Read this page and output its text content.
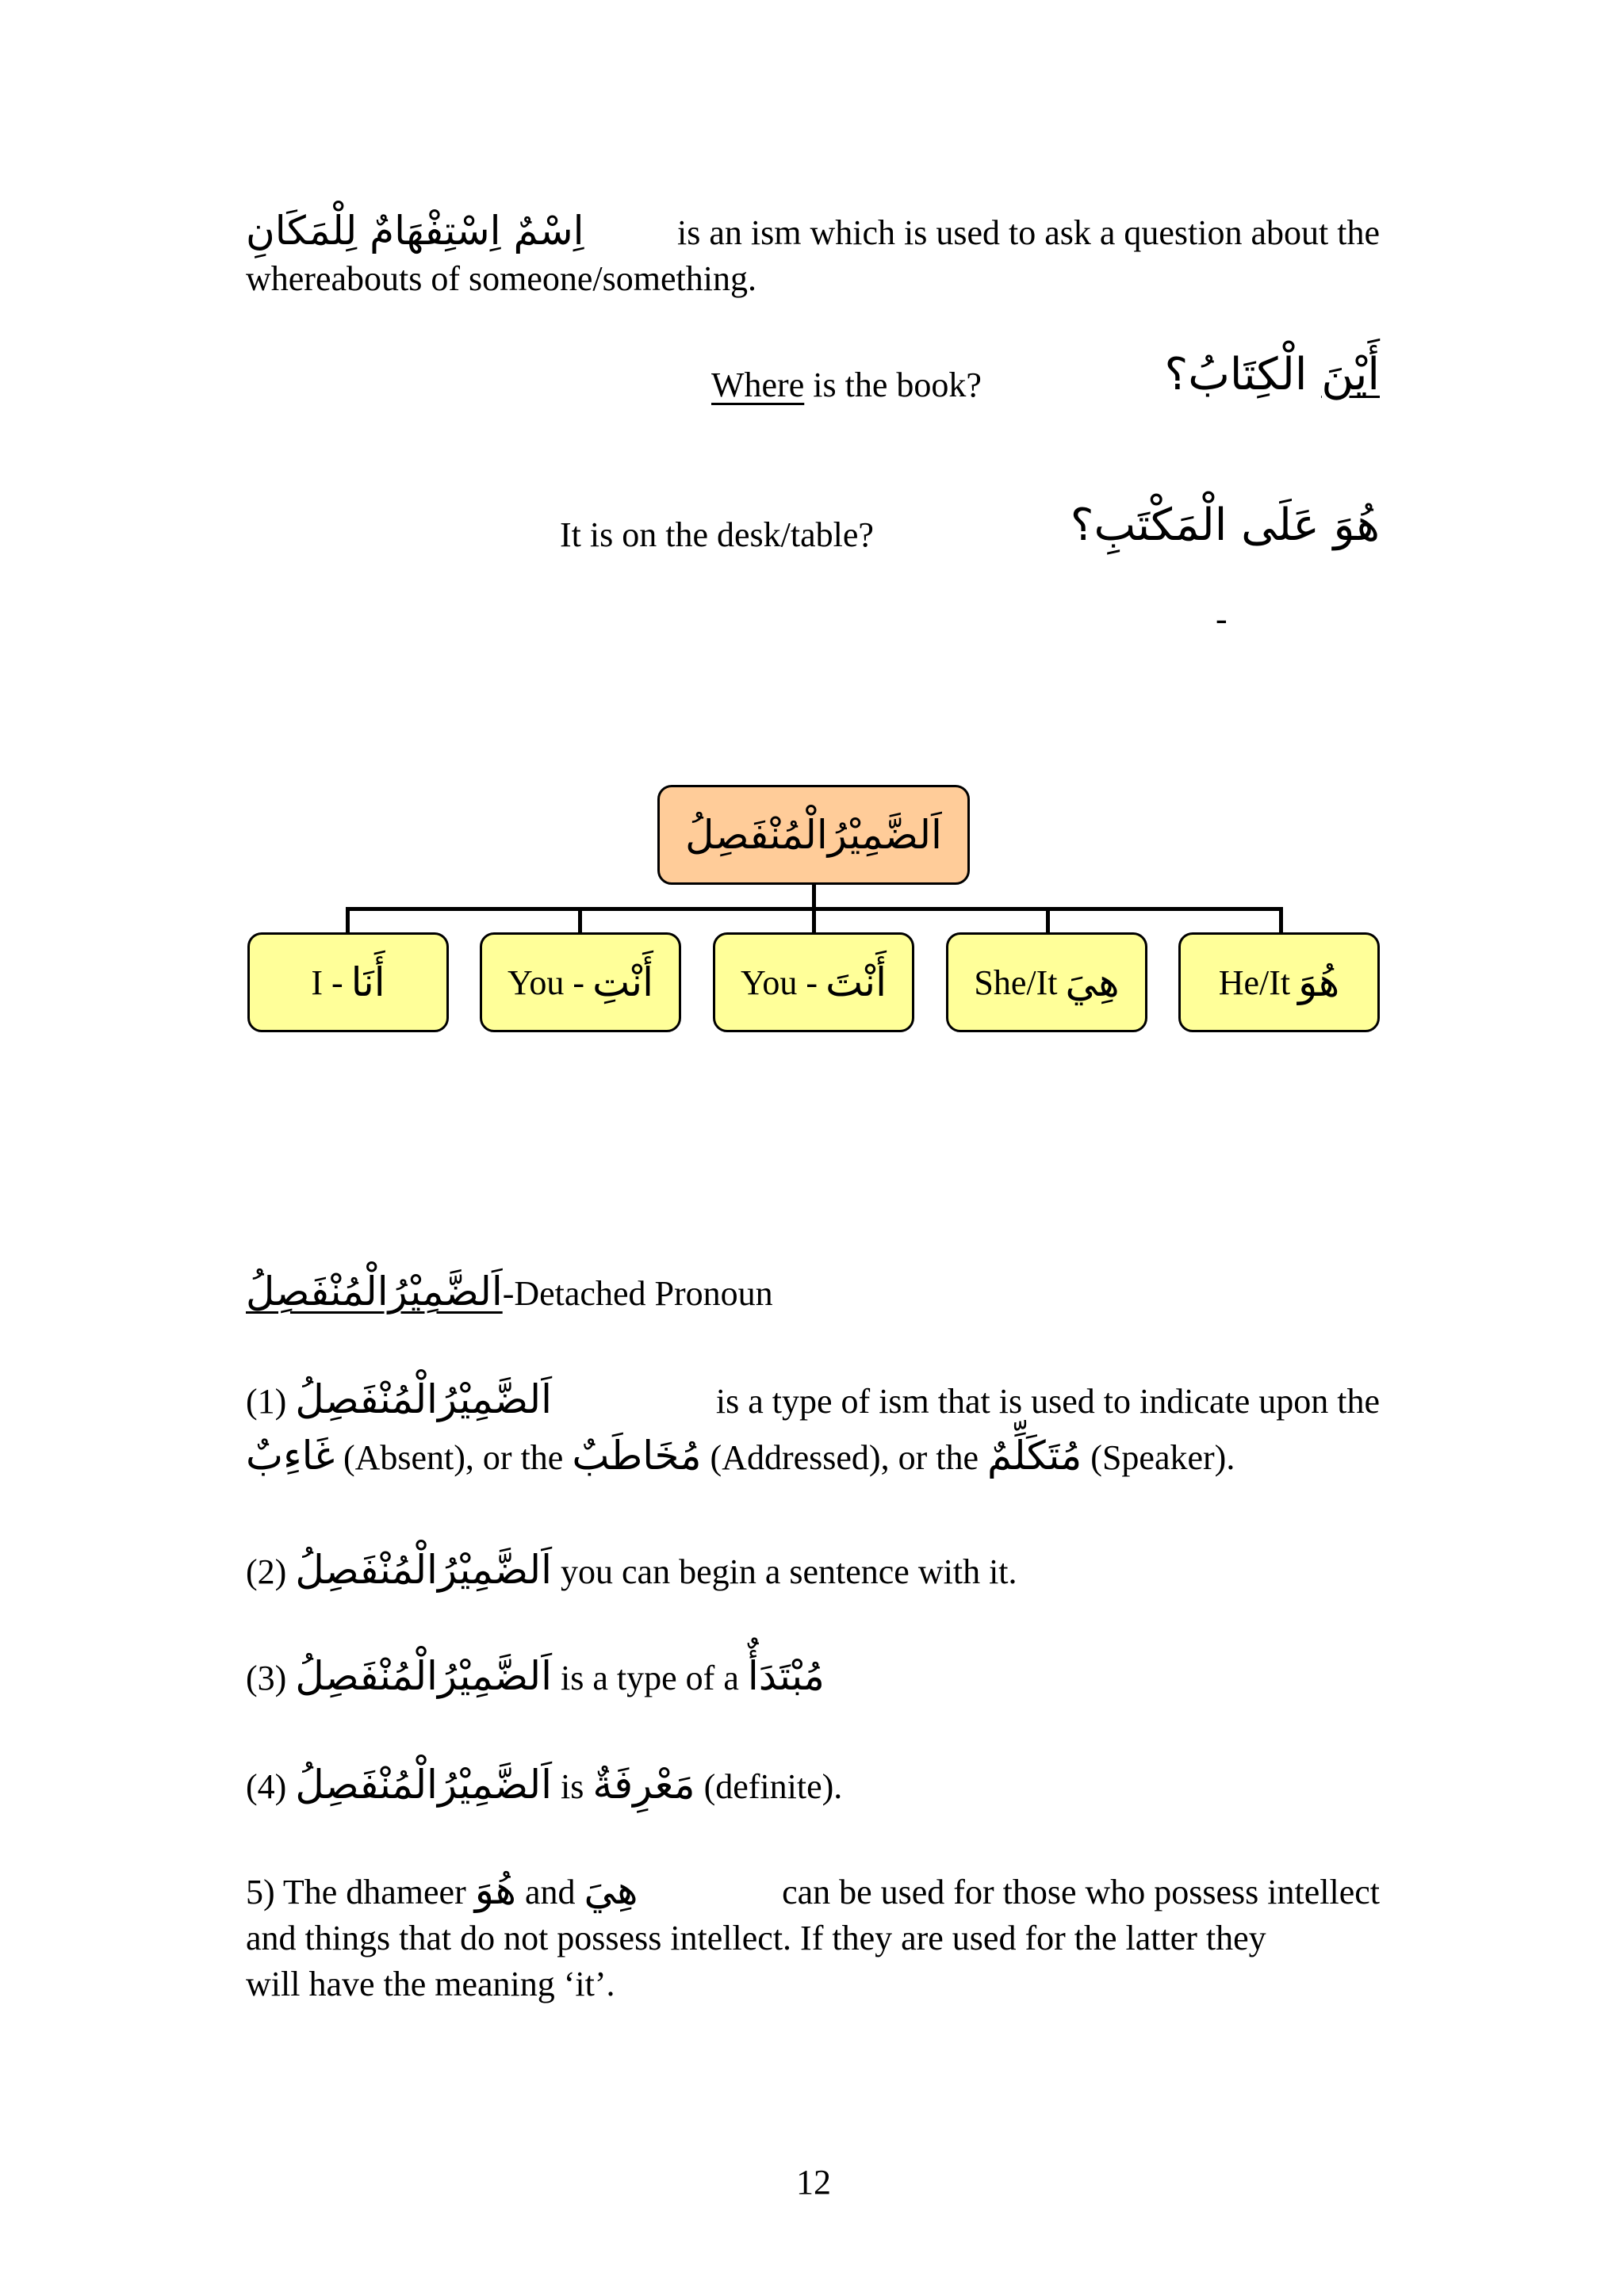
اِسْمٌ اِسْتِفْهَامٌ لِلْمَكَانِ	is an ism which is used to ask a question about the
whereabouts of someone/something.
Where is the book?	أَيْنَ الْكِتَابُ؟
It is on the desk/table?	هُوَ عَلَى الْمَكْتَبِ؟
-
اَلضَّمِيْرُالْمُنْفَصِلُ
I - أَنَا	You - أَنْتِ	You - أَنْتَ	She/It هِيَ	He/It هُوَ
اَلضَّمِيْرُالْمُنْفَصِلُ-Detached Pronoun
(1) اَلضَّمِيْرُالْمُنْفَصِلُ	is a type of ism that is used to indicate upon the
غَاءِبٌ (Absent), or the مُخَاطَبٌ (Addressed), or the مُتَكَلِّمٌ (Speaker).
(2) اَلضَّمِيْرُالْمُنْفَصِلُ you can begin a sentence with it.
(3) اَلضَّمِيْرُالْمُنْفَصِلُ is a type of a مُبْتَدَأٌ
(4) اَلضَّمِيْرُالْمُنْفَصِلُ is مَعْرِفَةٌ (definite).
5) The dhameer هُوَ and هِيَ	can be used for those who possess intellect
and things that do not possess intellect. If they are used for the latter they
will have the meaning ‘it’.
12
